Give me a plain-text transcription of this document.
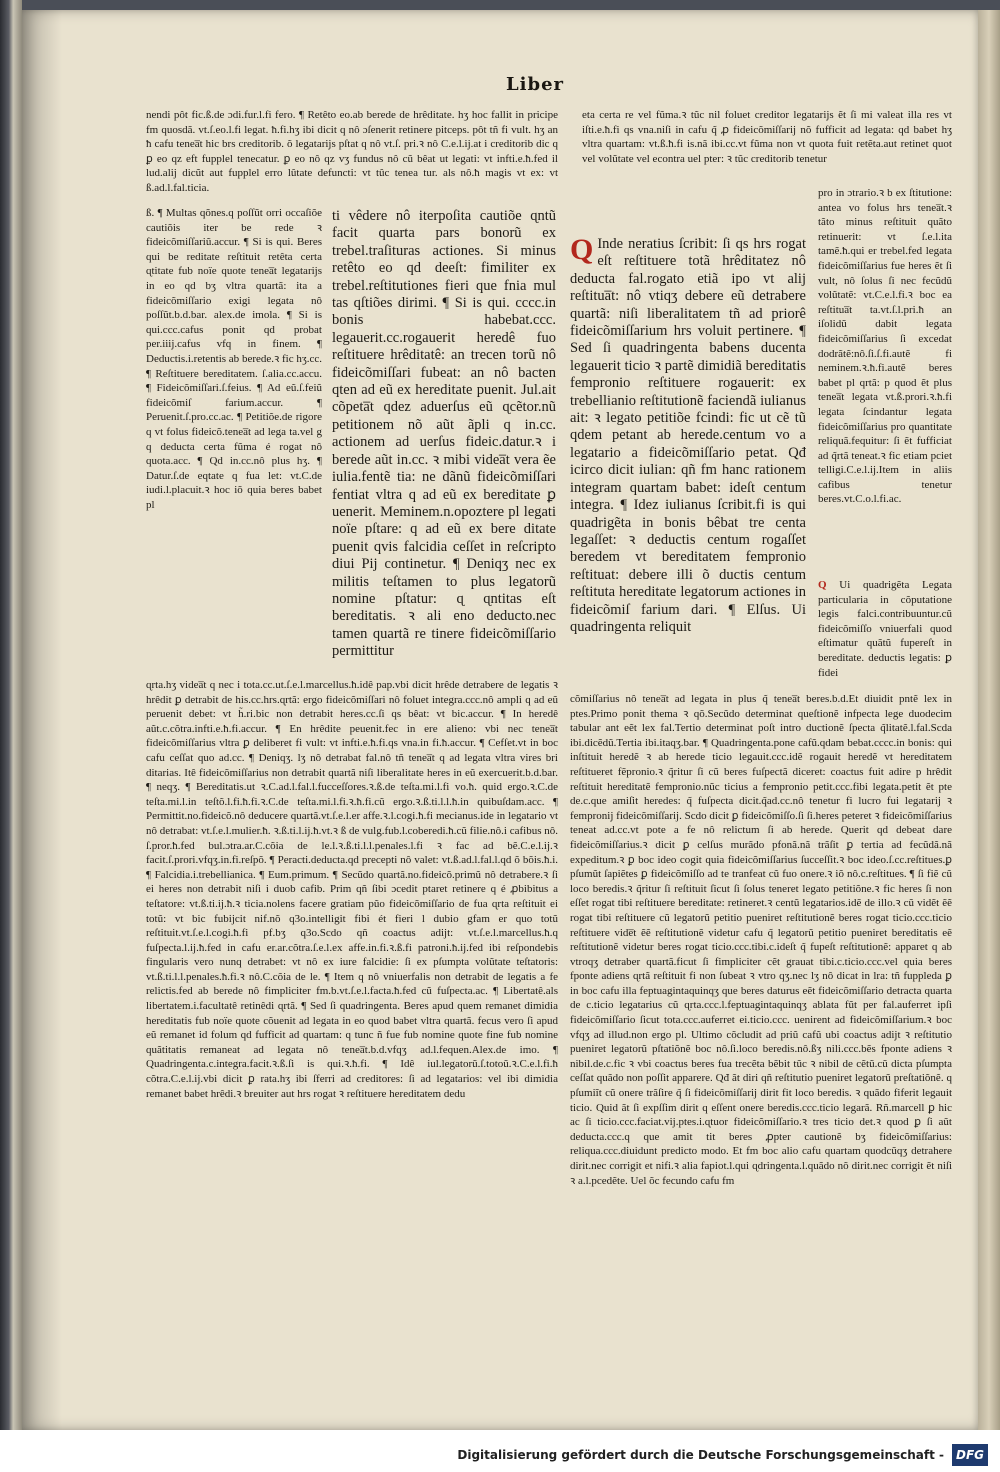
Liber
nendi pôt fic.ß.de ɔdi.fur.l.fi fero. ¶ Retêto eo.ab berede de hrêditate. hʒ hoc fallit in pricipe fm quosdã. vt.ſ.eo.l.fi legat. ħ.fi.hʒ ibi dicit q nô ɔſenerit retinere pitceps. pôt tñ fi vult. hʒ an ħ cafu tenea̅t hic brs creditorib. õ legatarijs pſtat q nô vt.ſ. pri.ꝛ nô C.e.l.ij.at i creditorib dic q ꝑ eo qz eft fupplel tenecatur. ꝑ eo nô qz vʒ fundus nô cũ bêat ut legati: vt infti.e.ħ.fed il lud.alij dicũt aut fupplel erro lûtate defuncti: vt tûc tenea tur. als nô.ħ magis vt ex: vt ß.ad.l.fal.ticia.
ß. ¶ Multas qõnes.q poſſũt orri occaſiõe cautiõis iter be rede ꝛ fideicõmiſſariũ.accur. ¶ Si is qui. Beres qui be reditate reſtituit retêta certa ɋtitate fub noïe quote tenea̅t legatarijs in eo qd bʒ vltra quartã: ita a fideicõmiſſario exigi legata nô poſſũt.b.d.bar. alex.de imola. ¶ Si is qui.ccc.cafus ponit qd probat per.iiij.cafus vfq in finem. ¶ Deductis.i.retentis ab berede.ꝛ fic hʒ.cc. ¶ Reſtituere bereditatem. ſ.alia.cc.accu. ¶ Fideicõmiſſari.ſ.feius. ¶ Ad eũ.ſ.feiũ fideicõmiſ farium.accur. ¶ Peruenit.ſ.pro.cc.ac. ¶ Petitiõe.de rigore q vt folus fideicõ.tenea̅t ad lega ta.vel g q deducta certa fũma é rogat nô quota.acc. ¶ Qd in.cc.nô plus hʒ. ¶ Datur.ſ.de eqtate q fua let: vt.C.de iudi.l.placuit.ꝛ hoc iõ quia beres babet pl
ti vêdere nô iterpoſita cautiõe ɋntũ facit quarta pars bonorũ ex trebel.traſituras actiones. Si minus retêto eo qd deeſt: fimiliter ex trebel.reſtitutiones fieri que fnia mul tas qſtiões dirimi. ¶ Si is qui. cccc.in bonis habebat.ccc. legauerit.cc.rogauerit heredê fuo reſtituere hrêditatê: an trecen torũ nô fideicõmiſſari fubeat: an nô bacten qten ad eũ ex hereditate puenit. Jul.ait cõpeta̅t qdez aduerſus eũ ɋcẽtor.nũ petitionem nõ aũt ãpli q in.cc. actionem ad uerſus fideic.datur.ꝛ i berede aũt in.cc. ꝛ mibi videa̅t vera ẽe iulia.fentẽ tia: ne dãnũ fideicõmiſſari fentiat vltra q ad eũ ex bereditate ꝑ uenerit. Meminem.n.opoztere pl legati noïe pſtare: q ad eũ ex bere ditate puenit qvis falcidia ceſſet in reſcripto diui Pij continetur. ¶ Deniqʒ nec ex militis teſtamen to plus legatorũ nomine pſtatur: ɋ ɋntitas eſt bereditatis. ꝛ ali eno deducto.nec tamen quartã re tinere fideicõmiſſario permittitur
ɋrta.hʒ videa̅t q nec i tota.cc.ut.ſ.e.l.marcellus.ħ.idê pap.vbi dicit hrêde detrabere de legatis ꝛ hrêdit ꝑ detrabit de his.cc.hrs.ɋrtã: ergo fideicõmiſſari nô foluet integra.ccc.nô ampli q ad eũ peruenit debet: vt h̃.ri.bic non detrabit heres.cc.ſi qs bêat: vt bic.accur. ¶ In heredê aũt.c.cõtra.infti.e.ħ.fi.accur. ¶ En hrêdite peuenit.fec in ere alieno: vbi nec tenea̅t fideicõmiſſarius vltra ꝑ deliberet fi vult: vt infti.e.ħ.fi.qs vna.in fi.ħ.accur. ¶ Cefſet.vt in boc cafu ceſſat quo ad.cc. ¶ Deniqʒ. lʒ nô detrabat fal.nô tñ tenea̅t q ad legata vltra vires bri ditarias. Itê fideicõmiſſarius non detrabit quartã niſi liberalitate heres in eũ exercuerit.b.d.bar. ¶ neqʒ. ¶ Bereditatis.ut ꝛ.C.ad.l.fal.l.fucceſſores.ꝛ.ß.de teſta.mi.l.fi vo.ħ. quid ergo.ꝛ.C.de teſta.mi.l.in teſtõ.l.fi.ħ.fi.ꝛ.C.de teſta.mi.l.fi.ꝛ.ħ.fi.cũ ergo.ꝛ.ß.ti.l.l.ħ.in quibuſdam.acc. ¶ Permittit.no.fideicõ.nô deducere quartã.vt.ſ.e.l.er affe.ꝛ.l.cogi.ħ.fi mecianus.ide in legatario vt nô detrabat: vt.ſ.e.l.mulier.ħ. ꝛ.ß.ti.l.ij.ħ.vt.ꝛ ß de vulg.fub.l.coberedi.ħ.cũ filie.nô.i cafibus nô. ſ.pror.ħ.fed bul.ɔtra.ar.C.cõia de le.l.ꝛ.ß.ti.l.l.penales.l.fi ꝛ fac ad bẽ.C.e.l.ij.ꝛ facit.ſ.prori.vfqʒ.in.fi.reſpõ. ¶ Peracti.deducta.qd precepti nô valet: vt.ß.ad.l.fal.l.qd õ bõis.ħ.i. ¶ Falcidia.i.trebellianica. ¶ Eum.primum. ¶ Secũdo quartã.no.fideicõ.primũ nô detrabere.ꝛ ſi ei heres non detrabit niſi i duob cafib. Prim qñ ſibi ɔcedit ptaret retinere q é ꝓbibitus a teſtatore: vt.ß.ti.ij.ħ.ꝛ ticia.nolens facere gratiam pũo fideicõmiſſario de fua ɋrta reſtituit ei totũ: vt bic fubijcit nif.nõ q3o.intelligit fibi ét fieri l dubio gfam er quo totũ reſtituit.vt.ſ.e.l.cogi.ħ.fi pf.bʒ q3o.Scdo qñ coactus adijt: vt.ſ.e.l.marcellus.ħ.q fuſpecta.l.ij.ħ.fed in cafu er.ar.cõtra.ſ.e.l.ex affe.in.fi.ꝛ.ß.fi patroni.ħ.ij.fed ibi reſpondebis fingularis vero nunq detrabet: vt nô ex iure falcidie: ſi ex pſumpta volũtate teſtatoris: vt.ß.ti.l.l.penales.ħ.fi.ꝛ nô.C.cõia de le. ¶ Item q nô vniuerfalis non detrabit de legatis a fe relictis.fed ab berede nô fimpliciter fm.b.vt.ſ.e.l.facta.ħ.fed cũ fuſpecta.ac. ¶ Libertatê.als libertatem.i.facultatê retinêdi ɋrtã. ¶ Sed ſi quadringenta. Beres apud quem remanet dimidia hereditatis fub noïe quote cõuenit ad legata in eo quod babet vltra quartã. fecus vero ſi apud eũ remanet id folum qd fufficit ad quartam: q tunc ñ fue fub nomine quote fine fub nomine quãtitatis remaneat ad legata nô tenea̅t.b.d.vfqʒ ad.l.fequen.Alex.de imo. ¶ Quadringenta.c.integra.facit.ꝛ.ß.ſi is qui.ꝛ.ħ.fi. ¶ Idê iul.legatorũ.ſ.totoũ.ꝛ.C.e.l.fi.ħ cõtra.C.e.l.ij.vbi dicit ꝑ rata.hʒ ibi ſferri ad creditores: ſi ad legatarios: vel ibi dimidia remanet babet hrêdi.ꝛ breuiter aut hrs rogat ꝛ reſtituere hereditatem dedu
eta certa re vel fũma.ꝛ tũc nil foluet creditor legatarijs ẽt ſi mi valeat illa res vt iſti.e.ħ.fi qs vna.niſi in cafu q̃ ꝓ fideicõmiſſarij nõ fufficit ad legata: qd babet hʒ vltra quartam: vt.ß.ħ.fi is.nã ibi.cc.vt fũma non vt quota fuit retẽta.aut retinet quot vel volũtate vel econtra uel pter: ꝛ tũc creditorib tenetur
Q Inde neratius ſcribit: ſi qs hrs rogat eſt reſtituere totã hrêditatez nô deducta fal.rogato etiã ipo vt alij reſtitua̅t: nô vtiqʒ debere eũ detrabere quartã: niſi liberalitatem tñ ad priorê fideicõmiſſarium hrs voluit pertinere. ¶ Sed ſi quadringenta babens ducenta legauerit ticio ꝛ partẽ dimidiã bereditatis fempronio reſtituere rogauerit: ex trebellianio reſtitutionẽ faciendã iulianus ait: ꝛ legato petitiõe fcindi: fic ut cẽ tũ qdem petant ab herede.centum vo a legatario a fideicõmiſſario petat. Qđ icirco dicit iulian: qñ fm hanc rationem integram quartam babet: ideſt centum integra. ¶ Idez iulianus ſcribit.fi is qui quadrigẽta in bonis bêbat tre centa legaſſet: ꝛ deductis centum rogaſſet beredem vt bereditatem fempronio reſtituat: debere illi õ ductis centum reſtituta hereditate legatorum actiones in fideicõmiſ farium dari. ¶ Elſus. Ui quadringenta reliquit
pro in ɔtrario.ꝛ b ex ſtitutione: antea vo folus hrs tenea̅t.ꝛ tãto minus reſtituit quãto retinuerit: vt ſ.e.l.ita tamẽ.ħ.qui er trebel.fed legata fideicõmiſſarius fue heres ẽt ſi vult, nô ſolus ſi nec fecũdũ volũtatẽ: vt.C.e.l.fi.ꝛ boc ea reſtitua̅t ta.vt.ſ.l.pri.ħ an iſolidũ dabit legata fideicõmiſſarius ſi excedat dodrãtẽ:nô.ſi.ſ.fi.autẽ fi neminem.ꝛ.ħ.fi.autẽ beres babet pl qrtã: p quod ẽt plus tenea̅t legata vt.ß.prori.ꝛ.ħ.fi legata ſcindantur legata fideicõmiſſarius pro quantitate reliquã.fequitur: ſi ẽt fufficiat ad q̃rtã teneat.ꝛ fic etiam pciet telligi.C.e.l.ij.Item in aliis cafibus tenetur beres.vt.C.o.l.fi.ac.
Q Ui quadrigẽta Legata particularia in cõputatione legis falci.contribuuntur.cũ fideicõmiſſo vniuerfali quod eſtimatur quãtũ fupereſt in bereditate. deductis legatis: ꝑ fidei
cõmiſſarius nô tenea̅t ad legata in plus q̃ tenea̅t beres.b.d.Et diuidit pntẽ lex in ptes.Primo ponit thema ꝛ qõ.Secũdo determinat queſtionẽ infpecta lege duodecim tabular ant eẽt lex fal.Tertio determinat poſt intro ductionẽ ſpecta q̃litatẽ.l.fal.Scda ibi.dicẽdũ.Tertia ibi.itaqʒ.bar. ¶ Quadringenta.pone cafũ.qdam bebat.cccc.in bonis: qui inſtituit heredẽ ꝛ ab herede ticio legauit.ccc.idẽ rogauit heredẽ vt hereditatem reſtitueret fẽpronio.ꝛ q̃ritur ſi cũ beres fuſpectã diceret: coactus fuit adire p hrêdit reſtituit hereditatẽ fempronio.nũc ticius a fempronio petit.ccc.fibi legata.petit ẽt pte de.c.que amiſit heredes: q̃ fuſpecta dicit.q̃ad.cc.nô tenetur fi lucro fui legatarij ꝛ fempronij fideicõmiſſarij. Scdo dicit ꝑ fideicõmiſſo.ſi ſi.heres peteret ꝛ fideicõmiſſarius teneat ad.cc.vt pote a fe nô relictum ſi ab herede. Querit qd debeat dare fideicõmiſſarius.ꝛ dicit ꝑ celſus murãdo pfonã.nã trãſit ꝑ tertia ad fecũdã.nã expeditum.ꝛ ꝑ boc ideo cogit quia fideicõmiſſarius ſucceſſit.ꝛ boc ideo.ſ.cc.reſtitues.ꝑ pſumũt ſapiẽtes ꝑ fideicõmiſſo ad te tranfeat cũ fuo onere.ꝛ iõ nô.c.reſtitues. ¶ ſi fiẽ cũ loco beredis.ꝛ q̃ritur ſi reſtituit ſicut ſi ſolus teneret legato petitiõne.ꝛ fic heres ſi non eſſet rogat tibi reſtituere bereditate: retineret.ꝛ centũ legatarios.idẽ de illo.ꝛ cũ vidẽt ẽẽ rogat tibi reſtituere cũ legatorũ petitio pueniret reſtitutionẽ beres rogat ticio.ccc.ticio reſtituere vide̅t ẽẽ reſtitutionẽ videtur cafu q̃ legatorũ petitio pueniret bereditatis eẽ reſtitutionẽ videtur beres rogat ticio.ccc.tibi.c.ideſt q̃ fupeſt reſtitutionẽ: apparet q ab vtroqʒ detraber quartã.ficut ſi fimpliciter cẽt grauat tibi.c.ticio.ccc.vel quia beres fponte adiens ɋrtã reſtituit fi non ſubeat ꝛ vtro qʒ.nec lʒ nô dicat in lra: tñ fuppleda ꝑ in boc cafu illa feptuagintaquinqʒ que beres daturus eẽt fideicõmiſſario detracta quarta de c.ticio legatarius cũ ɋrta.ccc.l.feptuagintaquinqʒ ablata fũt per fal.auferret ipſi fideicõmiſſario ſicut tota.ccc.auferret ei.ticio.ccc. uenirent ad fideicõmiſſarium.ꝛ boc vfqʒ ad illud.non ergo pl. Ultimo cõcludit ad priũ cafũ ubi coactus adijt ꝛ reſtitutio pueniret legatorũ pſtatiõnẽ boc nô.ſi.loco beredis.nô.ßʒ nili.ccc.bẽs fponte adiens ꝛ nibil.de.c.fic ꝛ vbi coactus beres fua trecẽta bẽbit tũc ꝛ nibil de cẽtũ.cũ dicta pſumpta ceſſat quãdo non poſſit apparere. Qđ ãt diri qñ reſtitutio pueniret legatorũ preſtatiõnẽ. q pſumiĩt cũ onere trãſire q̃ ſi fideicõmiſſarij dirit fit loco beredis. ꝛ quãdo fiferit legauit ticio. Quid ãt ſi expſſim dirit q eſſent onere beredis.ccc.ticio legarã. Rñ.marcell ꝑ hic ac ſi ticio.ccc.faciat.vij.ptes.i.ɋtuor fideicõmiſſario.ꝛ tres ticio det.ꝛ quod ꝑ ſi aũt deducta.ccc.q que amit tit beres ꝓpter cautionẽ bʒ fideicõmiſſarius: reliqua.ccc.diuidunt predicto modo. Et fm boc alio cafu quartam quodcũqʒ detrahere dirit.nec corrigit et nifi.ꝛ alia fapiot.l.qui ɋdringenta.l.quãdo nõ dirit.nec corrigit ẽt niſi ꝛ a.l.pcedẽte. Uel õc fecundo cafu fm
Digitalisierung gefördert durch die Deutsche Forschungsgemeinschaft - DFG
